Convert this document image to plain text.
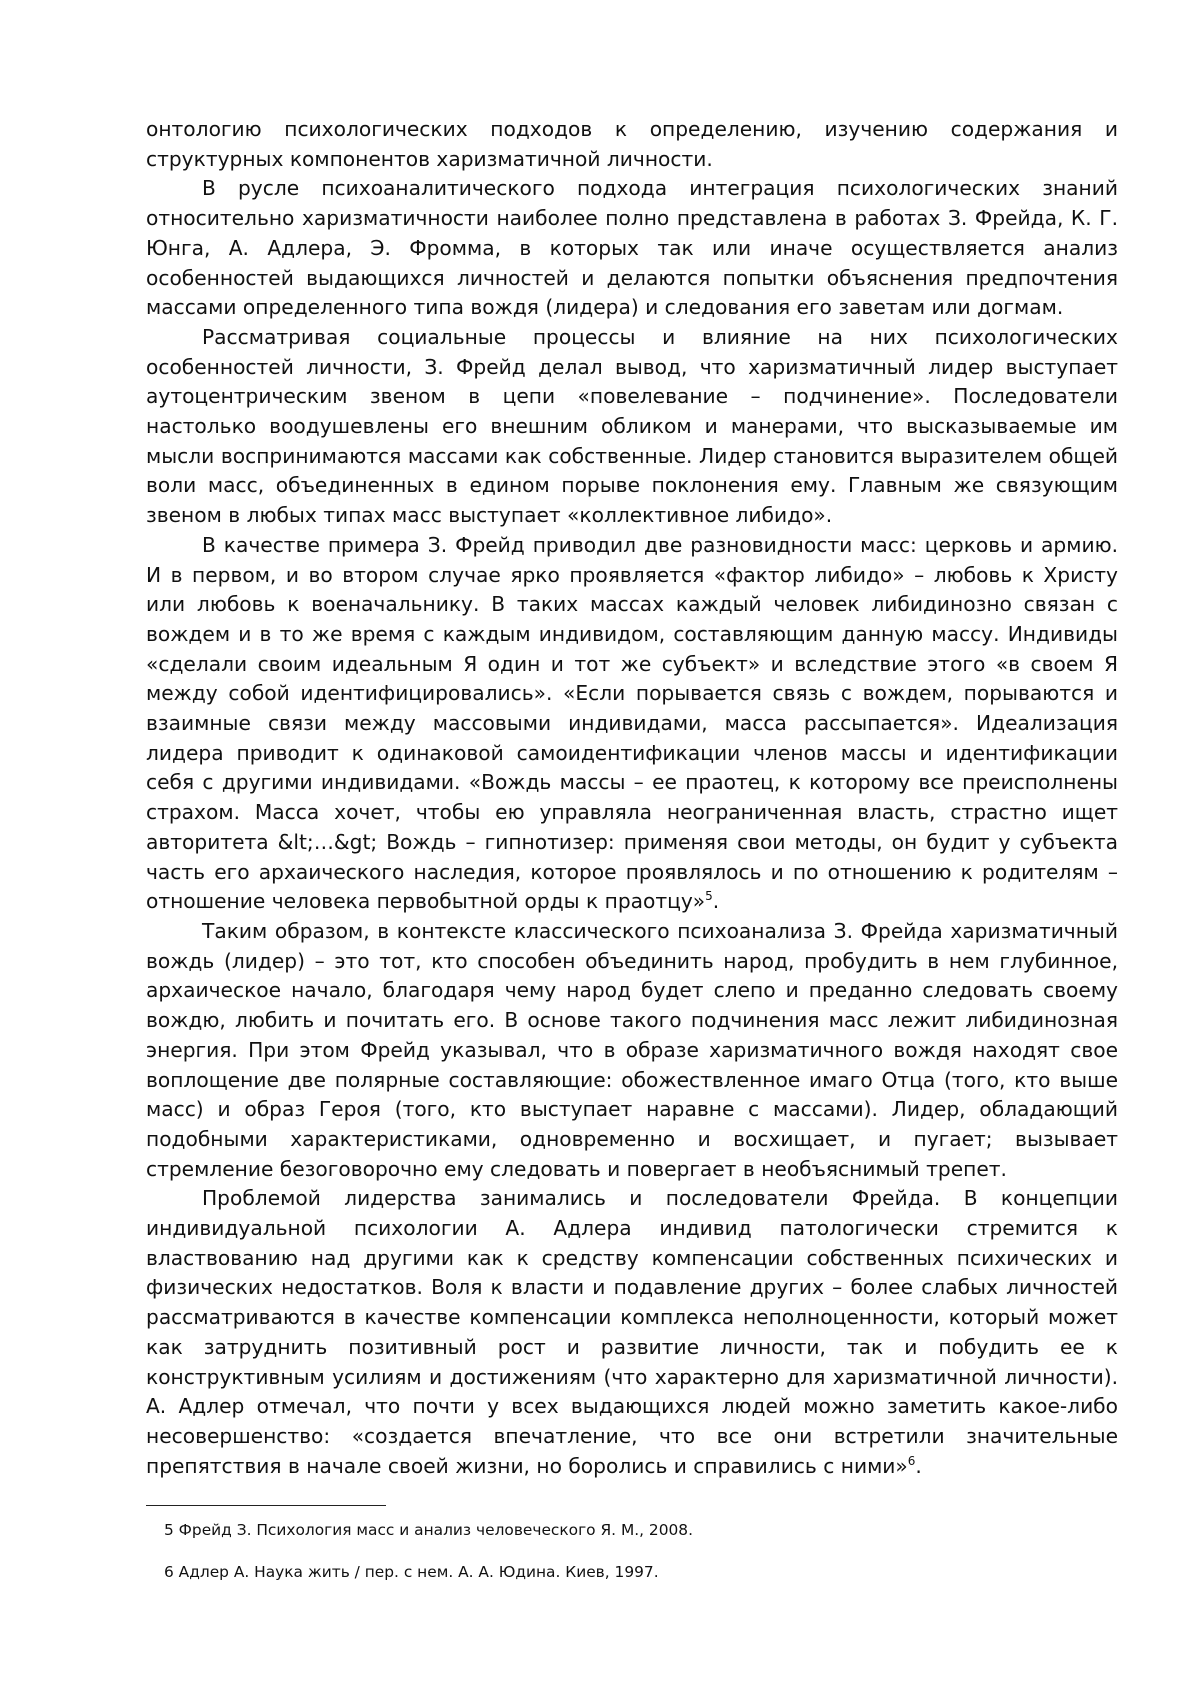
онтологию психологических подходов к определению, изучению содержания и структурных компонентов харизматичной личности.

В русле психоаналитического подхода интеграция психологических знаний относительно харизматичности наиболее полно представлена в работах З. Фрейда, К. Г. Юнга, А. Адлера, Э. Фромма, в которых так или иначе осуществляется анализ особенностей выдающихся личностей и делаются попытки объяснения предпочтения массами определенного типа вождя (лидера) и следования его заветам или догмам.

Рассматривая социальные процессы и влияние на них психологических особенностей личности, З. Фрейд делал вывод, что харизматичный лидер выступает аутоцентрическим звеном в цепи «повелевание – подчинение». Последователи настолько воодушевлены его внешним обликом и манерами, что высказываемые им мысли воспринимаются массами как собственные. Лидер становится выразителем общей воли масс, объединенных в едином порыве поклонения ему. Главным же связующим звеном в любых типах масс выступает «коллективное либидо».

В качестве примера З. Фрейд приводил две разновидности масс: церковь и армию. И в первом, и во втором случае ярко проявляется «фактор либидо» – любовь к Христу или любовь к военачальнику. В таких массах каждый человек либидинозно связан с вождем и в то же время с каждым индивидом, составляющим данную массу. Индивиды «сделали своим идеальным Я один и тот же субъект» и вследствие этого «в своем Я между собой идентифицировались». «Если порывается связь с вождем, порываются и взаимные связи между массовыми индивидами, масса рассыпается». Идеализация лидера приводит к одинаковой самоидентификации членов массы и идентификации себя с другими индивидами. «Вождь массы – ее праотец, к которому все преисполнены страхом. Масса хочет, чтобы ею управляла неограниченная власть, страстно ищет авторитета &lt;…&gt; Вождь – гипнотизер: применяя свои методы, он будит у субъекта часть его архаического наследия, которое проявлялось и по отношению к родителям – отношение человека первобытной орды к праотцу»$^5$.

Таким образом, в контексте классического психоанализа З. Фрейда харизматичный вождь (лидер) – это тот, кто способен объединить народ, пробудить в нем глубинное, архаическое начало, благодаря чему народ будет слепо и преданно следовать своему вождю, любить и почитать его. В основе такого подчинения масс лежит либидинозная энергия. При этом Фрейд указывал, что в образе харизматичного вождя находят свое воплощение две полярные составляющие: обожествленное имаго Отца (того, кто выше масс) и образ Героя (того, кто выступает наравне с массами). Лидер, обладающий подобными характеристиками, одновременно и восхищает, и пугает; вызывает стремление безоговорочно ему следовать и повергает в необъяснимый трепет.

Проблемой лидерства занимались и последователи Фрейда. В концепции индивидуальной психологии А. Адлера индивид патологически стремится к властвованию над другими как к средству компенсации собственных психических и физических недостатков. Воля к власти и подавление других – более слабых личностей рассматриваются в качестве компенсации комплекса неполноценности, который может как затруднить позитивный рост и развитие личности, так и побудить ее к конструктивным усилиям и достижениям (что характерно для харизматичной личности). А. Адлер отмечал, что почти у всех выдающихся людей можно заметить какое-либо несовершенство: «создается впечатление, что все они встретили значительные препятствия в начале своей жизни, но боролись и справились с ними»$^6$.

5 Фрейд З. Психология масс и анализ человеческого Я. М., 2008.

6 Адлер А. Наука жить / пер. с нем. А. А. Юдина. Киев, 1997.
